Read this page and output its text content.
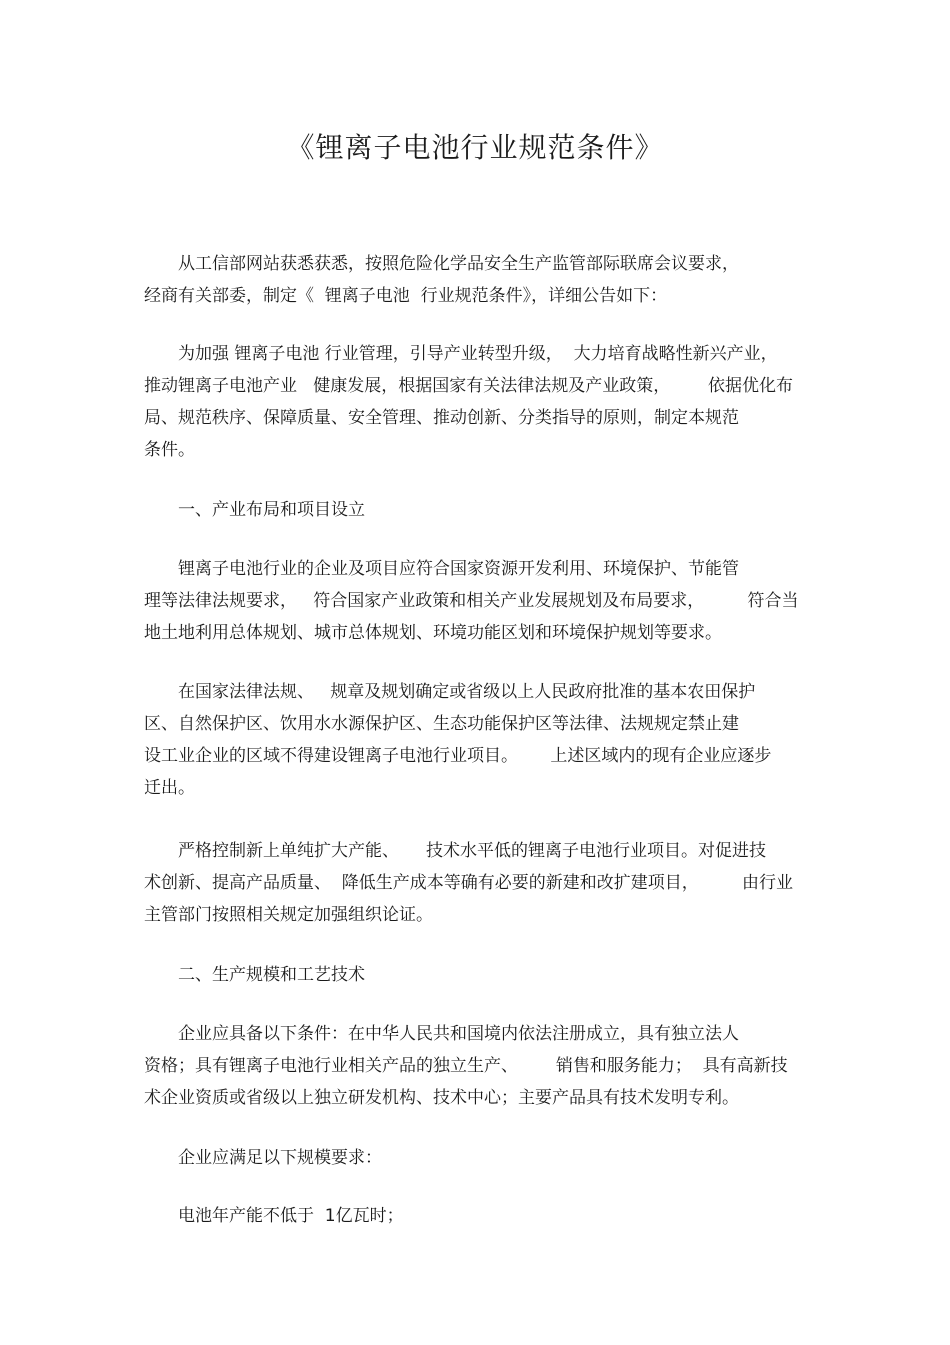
《锂离子电池行业规范条件》
从工信部网站获悉获悉，按照危险化学品安全生产监管部际联席会议要求，
经商有关部委，制定《  锂离子电池  行业规范条件》，详细公告如下：
为加强 锂离子电池 行业管理，引导产业转型升级，  大力培育战略性新兴产业，
推动锂离子电池产业   健康发展，根据国家有关法律法规及产业政策，       依据优化布
局、规范秩序、保障质量、安全管理、推动创新、分类指导的原则，制定本规范
条件。
一、产业布局和项目设立
锂离子电池行业的企业及项目应符合国家资源开发利用、环境保护、节能管
理等法律法规要求，   符合国家产业政策和相关产业发展规划及布局要求，        符合当
地土地利用总体规划、城市总体规划、环境功能区划和环境保护规划等要求。
在国家法律法规、   规章及规划确定或省级以上人民政府批准的基本农田保护
区、自然保护区、饮用水水源保护区、生态功能保护区等法律、法规规定禁止建
设工业企业的区域不得建设锂离子电池行业项目。      上述区域内的现有企业应逐步
迁出。
严格控制新上单纯扩大产能、     技术水平低的锂离子电池行业项目。对促进技
术创新、提高产品质量、  降低生产成本等确有必要的新建和改扩建项目，        由行业
主管部门按照相关规定加强组织论证。
二、生产规模和工艺技术
企业应具备以下条件：在中华人民共和国境内依法注册成立，具有独立法人
资格；具有锂离子电池行业相关产品的独立生产、       销售和服务能力；  具有高新技
术企业资质或省级以上独立研发机构、技术中心；主要产品具有技术发明专利。
企业应满足以下规模要求：
电池年产能不低于  1亿瓦时；
